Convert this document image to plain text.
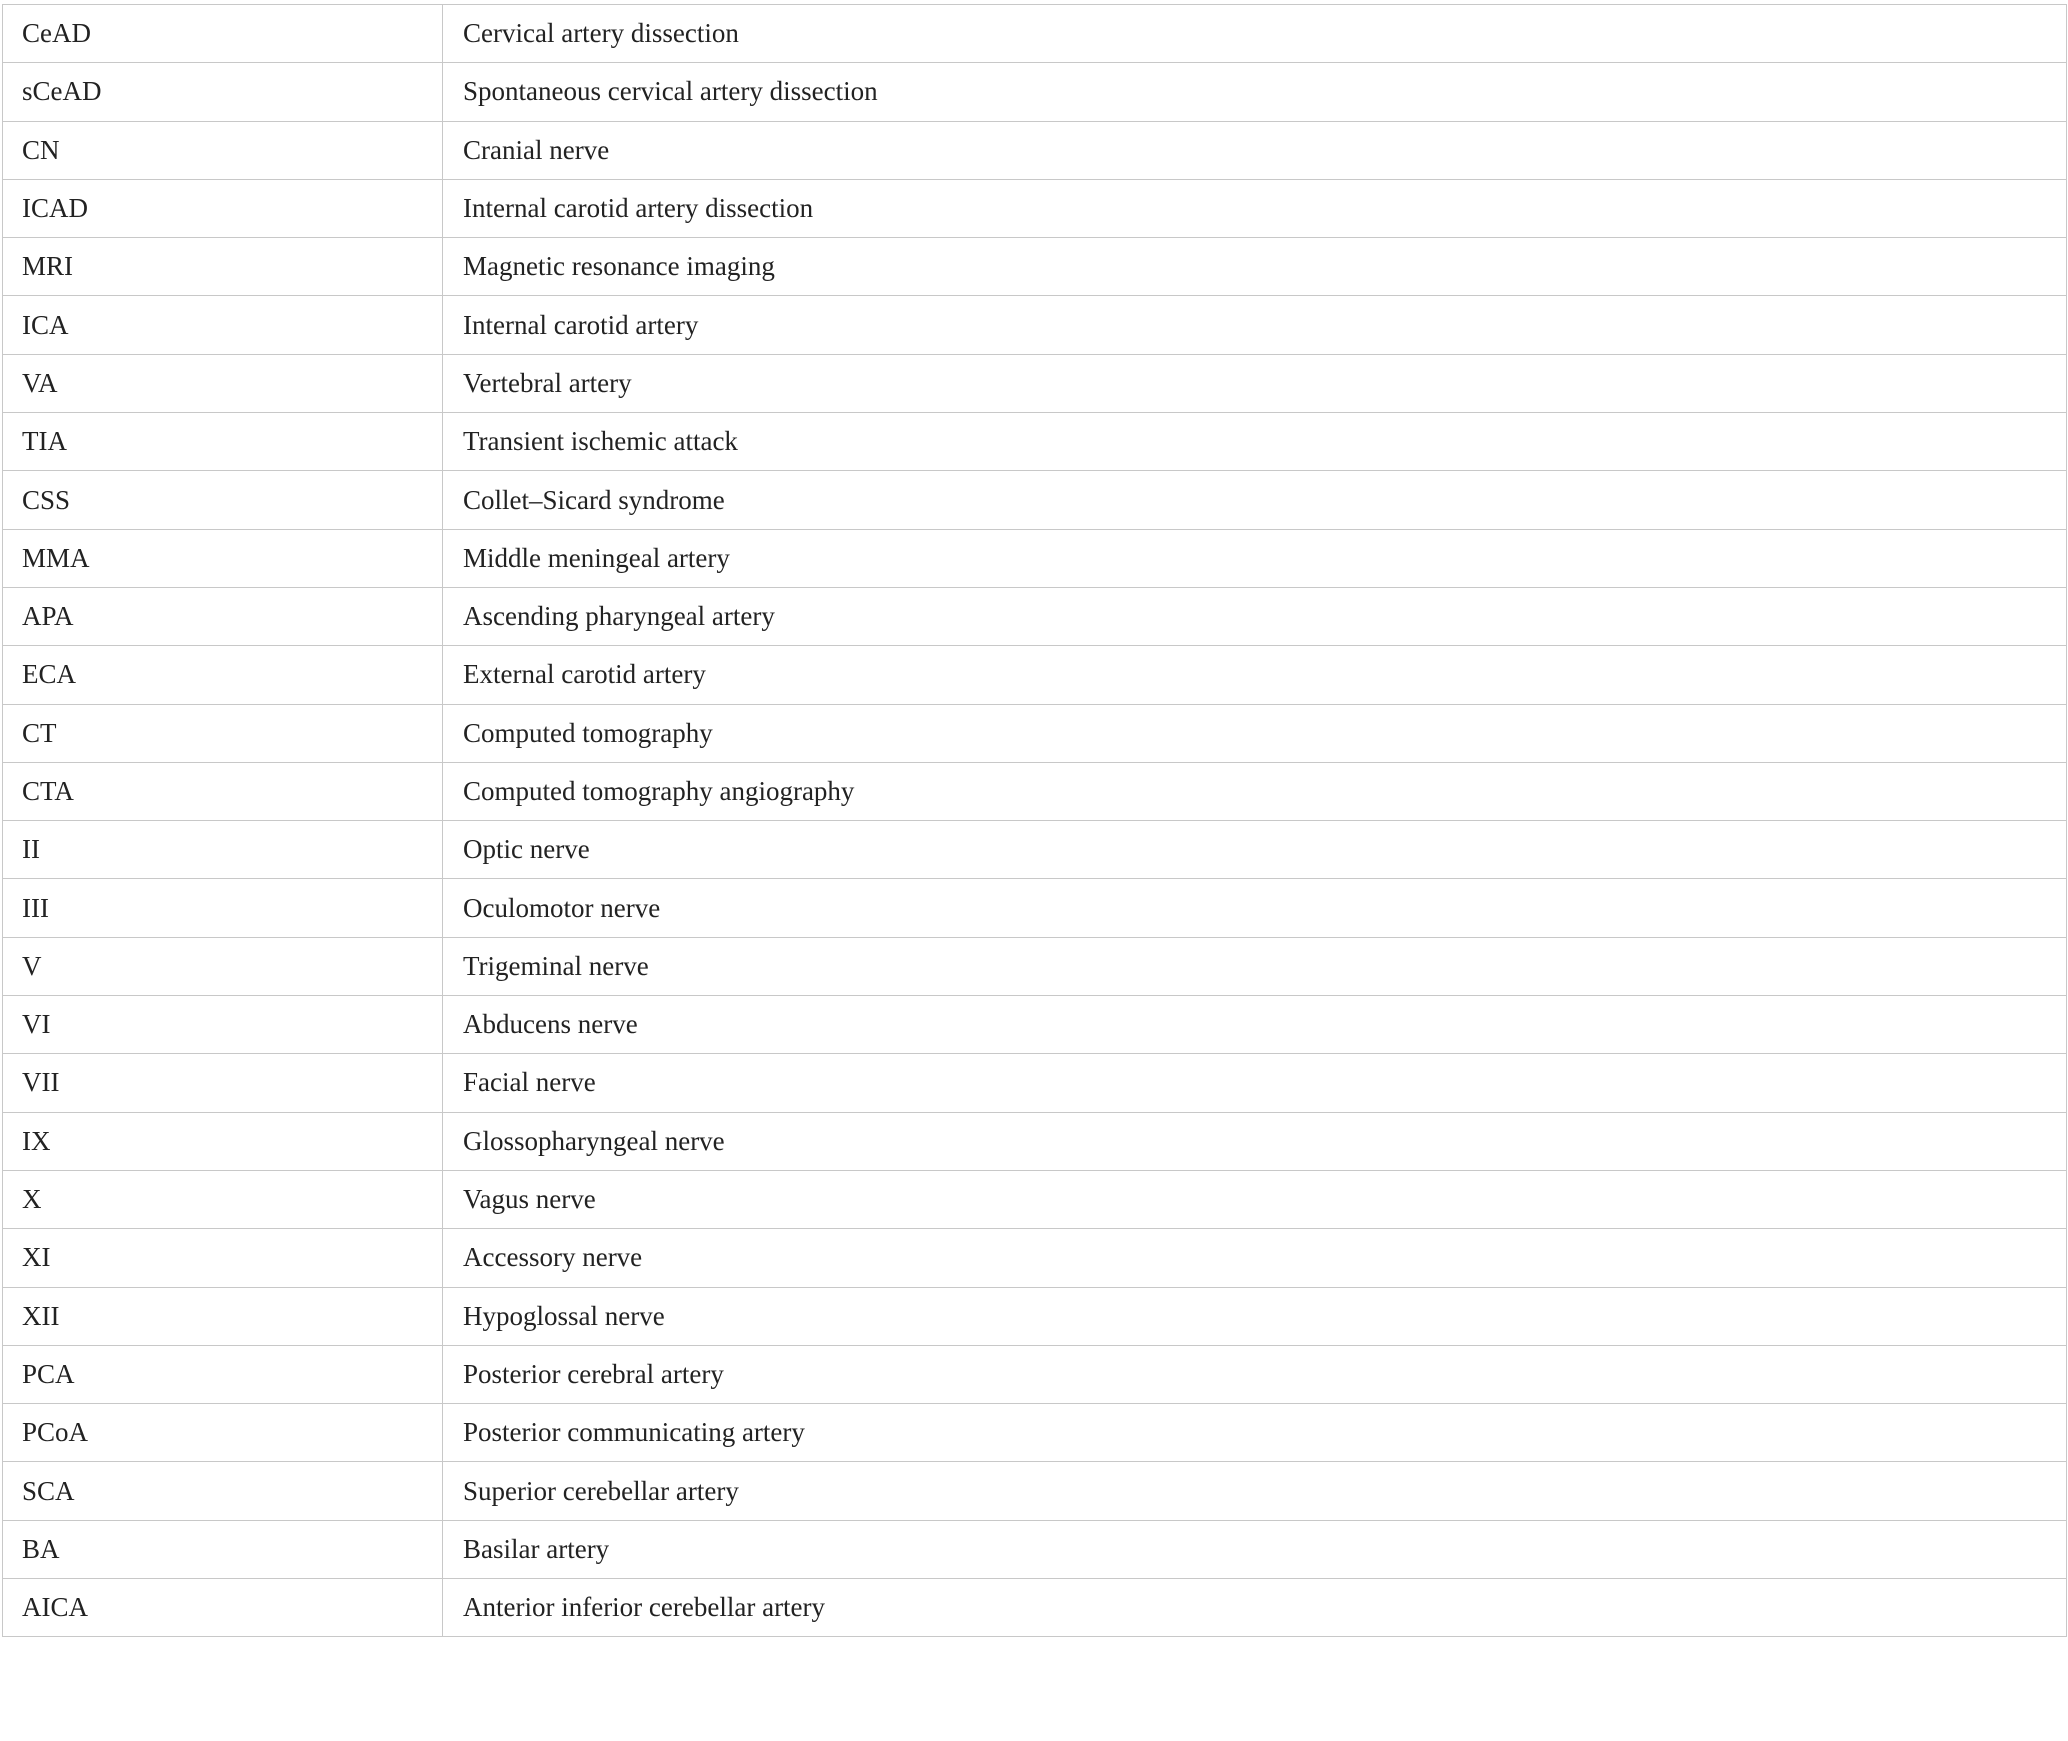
CeAD	Cervical artery dissection
sCeAD	Spontaneous cervical artery dissection
CN	Cranial nerve
ICAD	Internal carotid artery dissection
MRI	Magnetic resonance imaging
ICA	Internal carotid artery
VA	Vertebral artery
TIA	Transient ischemic attack
CSS	Collet–Sicard syndrome
MMA	Middle meningeal artery
APA	Ascending pharyngeal artery
ECA	External carotid artery
CT	Computed tomography
CTA	Computed tomography angiography
II	Optic nerve
III	Oculomotor nerve
V	Trigeminal nerve
VI	Abducens nerve
VII	Facial nerve
IX	Glossopharyngeal nerve
X	Vagus nerve
XI	Accessory nerve
XII	Hypoglossal nerve
PCA	Posterior cerebral artery
PCoA	Posterior communicating artery
SCA	Superior cerebellar artery
BA	Basilar artery
AICA	Anterior inferior cerebellar artery
